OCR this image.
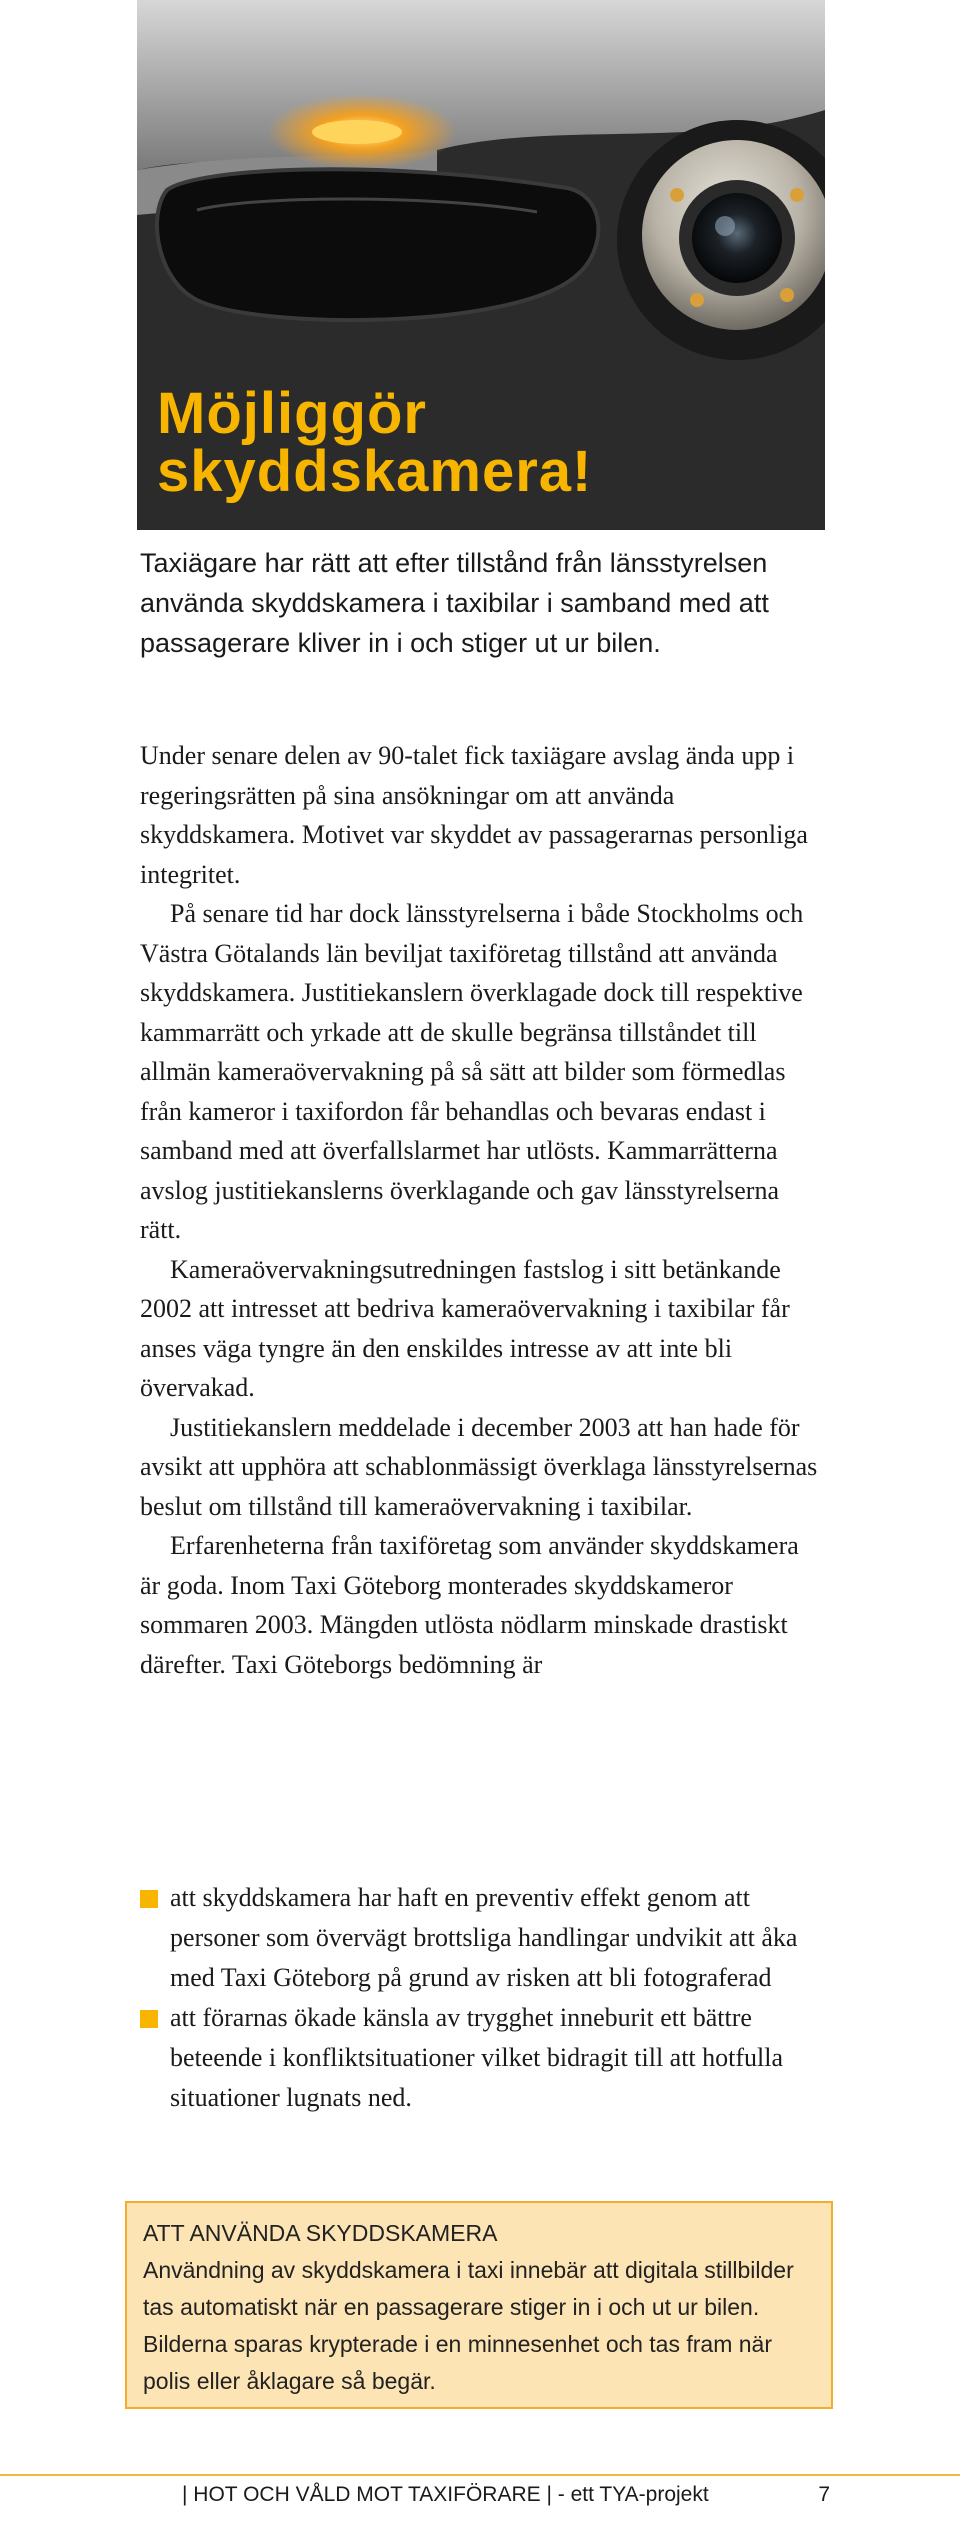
Möjliggör
skyddskamera!

Taxiägare har rätt att efter tillstånd från länsstyrelsen använda skyddskamera i taxibilar i samband med att passagerare kliver in i och stiger ut ur bilen.

Under senare delen av 90-talet fick taxiägare avslag ända upp i regeringsrätten på sina ansökningar om att använda skyddskamera. Motivet var skyddet av passagerarnas personliga integritet.

På senare tid har dock länsstyrelserna i både Stockholms och Västra Götalands län beviljat taxiföretag tillstånd att använda skyddskamera. Justitiekanslern överklagade dock till respektive kammarrätt och yrkade att de skulle begränsa tillståndet till allmän kameraövervakning på så sätt att bilder som förmedlas från kameror i taxifordon får behandlas och bevaras endast i samband med att överfallslarmet har utlösts. Kammarrätterna avslog justitiekanslerns överklagande och gav länsstyrelserna rätt.

Kameraövervakningsutredningen fastslog i sitt betänkande 2002 att intresset att bedriva kameraövervakning i taxibilar får anses väga tyngre än den enskildes intresse av att inte bli övervakad.

Justitiekanslern meddelade i december 2003 att han hade för avsikt att upphöra att schablonmässigt överklaga länsstyrelsernas beslut om tillstånd till kameraövervakning i taxibilar.

Erfarenheterna från taxiföretag som använder skyddskamera är goda. Inom Taxi Göteborg monterades skyddskameror sommaren 2003. Mängden utlösta nödlarm minskade drastiskt därefter. Taxi Göteborgs bedömning är

att skyddskamera har haft en preventiv effekt genom att personer som övervägt brottsliga handlingar undvikit att åka med Taxi Göteborg på grund av risken att bli fotograferad
att förarnas ökade känsla av trygghet inneburit ett bättre beteende i konfliktsituationer vilket bidragit till att hotfulla situationer lugnats ned.
ATT ANVÄNDA SKYDDSKAMERA
Användning av skyddskamera i taxi innebär att digitala stillbilder tas automatiskt när en passagerare stiger in i och ut ur bilen. Bilderna sparas krypterade i en minnesenhet och tas fram när polis eller åklagare så begär.
| HOT OCH VÅLD MOT TAXIFÖRARE | - ett TYA-projekt	7
